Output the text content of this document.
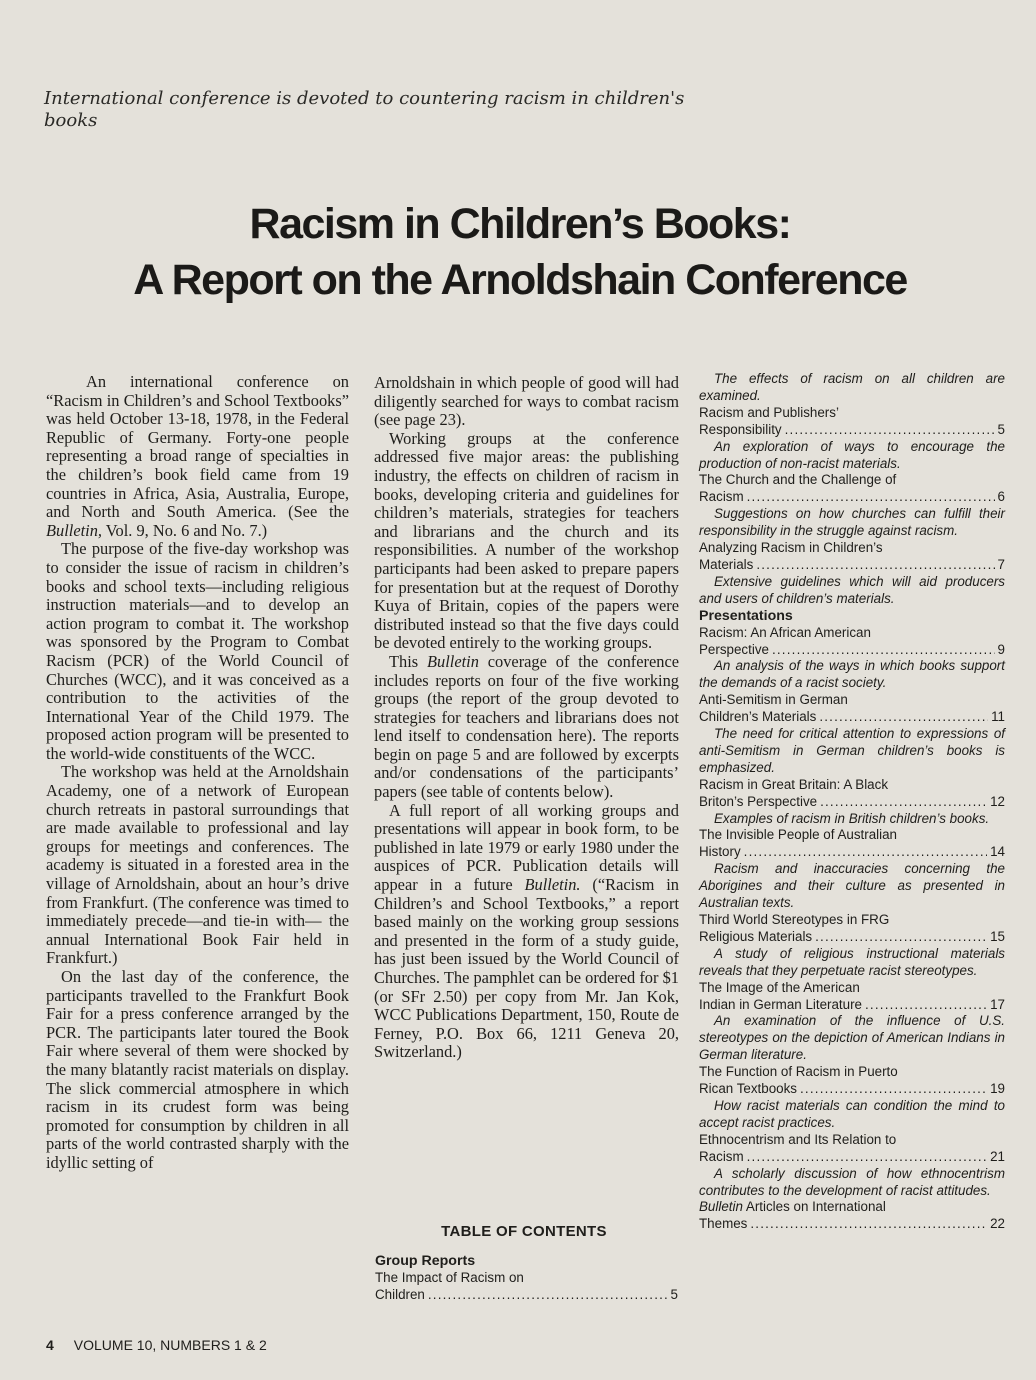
International conference is devoted to countering racism in children's books
Racism in Children’s Books:
A Report on the Arnoldshain Conference

An international conference on “Racism in Children’s and School Textbooks” was held October 13-18, 1978, in the Federal Republic of Germany. Forty-one people representing a broad range of specialties in the children’s book field came from 19 countries in Africa, Asia, Australia, Europe, and North and South America. (See the Bulletin, Vol. 9, No. 6 and No. 7.)

The purpose of the five-day workshop was to consider the issue of racism in children’s books and school texts—including religious instruction materials—and to develop an action program to combat it. The workshop was sponsored by the Program to Combat Racism (PCR) of the World Council of Churches (WCC), and it was conceived as a contribution to the activities of the International Year of the Child 1979. The proposed action program will be presented to the world-wide constituents of the WCC.

The workshop was held at the Arnoldshain Academy, one of a network of European church retreats in pastoral surroundings that are made available to professional and lay groups for meetings and conferences. The academy is situated in a forested area in the village of Arnoldshain, about an hour’s drive from Frankfurt. (The conference was timed to immediately precede—and tie-in with— the annual International Book Fair held in Frankfurt.)

On the last day of the conference, the participants travelled to the Frankfurt Book Fair for a press conference arranged by the PCR. The participants later toured the Book Fair where several of them were shocked by the many blatantly racist materials on display. The slick commercial atmosphere in which racism in its crudest form was being promoted for consumption by children in all parts of the world contrasted sharply with the idyllic setting of

Arnoldshain in which people of good will had diligently searched for ways to combat racism (see page 23).

Working groups at the conference addressed five major areas: the publishing industry, the effects on children of racism in books, developing criteria and guidelines for children’s materials, strategies for teachers and librarians and the church and its responsibilities. A number of the workshop participants had been asked to prepare papers for presentation but at the request of Dorothy Kuya of Britain, copies of the papers were distributed instead so that the five days could be devoted entirely to the working groups.

This Bulletin coverage of the conference includes reports on four of the five working groups (the report of the group devoted to strategies for teachers and librarians does not lend itself to condensation here). The reports begin on page 5 and are followed by excerpts and/or condensations of the participants’ papers (see table of contents below).

A full report of all working groups and presentations will appear in book form, to be published in late 1979 or early 1980 under the auspices of PCR. Publication details will appear in a future Bulletin. (“Racism in Children’s and School Textbooks,” a report based mainly on the working group sessions and presented in the form of a study guide, has just been issued by the World Council of Churches. The pamphlet can be ordered for $1 (or SFr 2.50) per copy from Mr. Jan Kok, WCC Publications Department, 150, Route de Ferney, P.O. Box 66, 1211 Geneva 20, Switzerland.)

TABLE OF CONTENTS
Group Reports
The Impact of Racism on
Children .....	5
The effects of racism on all children are examined.
Racism and Publishers’
Responsibility .....	5
An exploration of ways to encourage the production of non-racist materials.
The Church and the Challenge of
Racism .....	6
Suggestions on how churches can fulfill their responsibility in the struggle against racism.
Analyzing Racism in Children’s
Materials .....	7
Extensive guidelines which will aid producers and users of children’s materials.
Presentations
Racism: An African American
Perspective .....	9
An analysis of the ways in which books support the demands of a racist society.
Anti-Semitism in German
Children’s Materials .....	11
The need for critical attention to expressions of anti-Semitism in German children’s books is emphasized.
Racism in Great Britain: A Black
Briton’s Perspective .....	12
Examples of racism in British children’s books.
The Invisible People of Australian
History .....	14
Racism and inaccuracies concerning the Aborigines and their culture as presented in Australian texts.
Third World Stereotypes in FRG
Religious Materials .....	15
A study of religious instructional materials reveals that they perpetuate racist stereotypes.
The Image of the American
Indian in German Literature .....	17
An examination of the influence of U.S. stereotypes on the depiction of American Indians in German literature.
The Function of Racism in Puerto
Rican Textbooks .....	19
How racist materials can condition the mind to accept racist practices.
Ethnocentrism and Its Relation to
Racism .....	21
A scholarly discussion of how ethnocentrism contributes to the development of racist attitudes.
Bulletin Articles on International
Themes .....	22
4 VOLUME 10, NUMBERS 1 & 2
